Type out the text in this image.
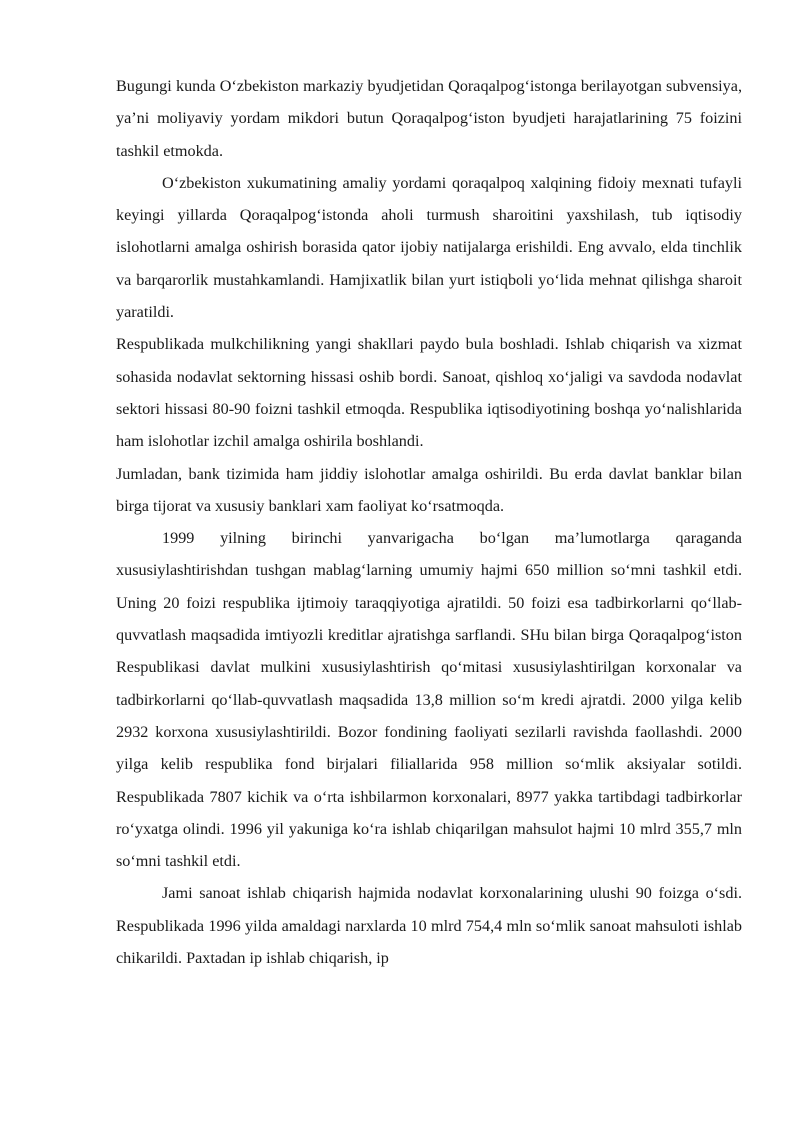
Bugungi kunda O‘zbekiston markaziy byudjetidan Qoraqalpog‘istonga berilayotgan subvensiya, ya’ni moliyaviy yordam mikdori butun Qoraqalpog‘iston byudjeti harajatlarining 75 foizini tashkil etmokda.

O‘zbekiston xukumatining amaliy yordami qoraqalpoq xalqining fidoiy mexnati tufayli keyingi yillarda Qoraqalpog‘istonda aholi turmush sharoitini yaxshilash, tub iqtisodiy islohotlarni amalga oshirish borasida qator ijobiy natijalarga erishildi. Eng avvalo, elda tinchlik va barqarorlik mustahkamlandi. Hamjixatlik bilan yurt istiqboli yo‘lida mehnat qilishga sharoit yaratildi.

Respublikada mulkchilikning yangi shakllari paydo bula boshladi. Ishlab chiqarish va xizmat sohasida nodavlat sektorning hissasi oshib bordi. Sanoat, qishloq xo‘jaligi va savdoda nodavlat sektori hissasi 80-90 foizni tashkil etmoqda. Respublika iqtisodiyotining boshqa yo‘nalishlarida ham islohotlar izchil amalga oshirila boshlandi.

Jumladan, bank tizimida ham jiddiy islohotlar amalga oshirildi. Bu erda davlat banklar bilan birga tijorat va xususiy banklari xam faoliyat ko‘rsatmoqda.

1999 yilning birinchi yanvarigacha bo‘lgan ma’lumotlarga qaraganda xususiylashtirishdan tushgan mablag‘larning umumiy hajmi 650 million so‘mni tashkil etdi. Uning 20 foizi respublika ijtimoiy taraqqiyotiga ajratildi. 50 foizi esa tadbirkorlarni qo‘llab-quvvatlash maqsadida imtiyozli kreditlar ajratishga sarflandi. SHu bilan birga Qoraqalpog‘iston Respublikasi davlat mulkini xususiylashtirish qo‘mitasi xususiylashtirilgan korxonalar va tadbirkorlarni qo‘llab-quvvatlash maqsadida 13,8 million so‘m kredi ajratdi. 2000 yilga kelib 2932 korxona xususiylashtirildi. Bozor fondining faoliyati sezilarli ravishda faollashdi. 2000 yilga kelib respublika fond birjalari filiallarida 958 million so‘mlik aksiyalar sotildi. Respublikada 7807 kichik va o‘rta ishbilarmon korxonalari, 8977 yakka tartibdagi tadbirkorlar ro‘yxatga olindi. 1996 yil yakuniga ko‘ra ishlab chiqarilgan mahsulot hajmi 10 mlrd 355,7 mln so‘mni tashkil etdi.

Jami sanoat ishlab chiqarish hajmida nodavlat korxonalarining ulushi 90 foizga o‘sdi. Respublikada 1996 yilda amaldagi narxlarda 10 mlrd 754,4 mln so‘mlik sanoat mahsuloti ishlab chikarildi. Paxtadan ip ishlab chiqarish, ip
